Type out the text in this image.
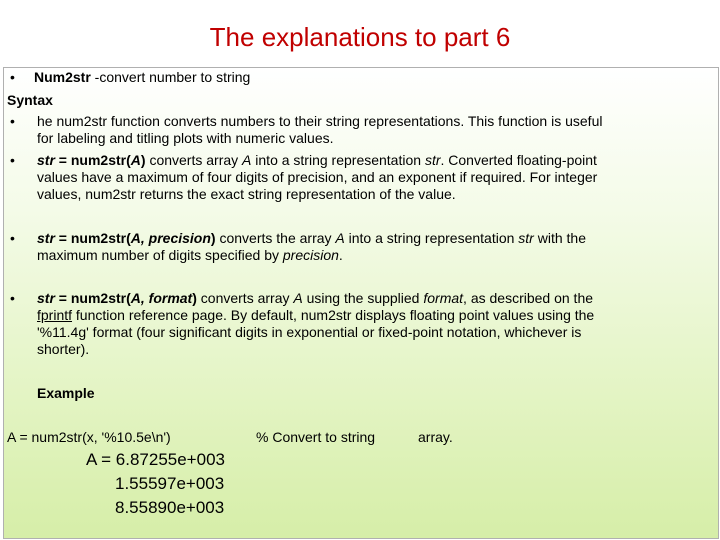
The explanations to part 6
• Num2str -convert number to string
Syntax
• he num2str function converts numbers to their string representations. This function is useful
for labeling and titling plots with numeric values.
• str = num2str(A) converts array A into a string representation str. Converted floating-point
values have a maximum of four digits of precision, and an exponent if required. For integer
values, num2str returns the exact string representation of the value.
• str = num2str(A, precision) converts the array A into a string representation str with the
maximum number of digits specified by precision.
• str = num2str(A, format) converts array A using the supplied format, as described on the
fprintf function reference page. By default, num2str displays floating point values using the
'%11.4g' format (four significant digits in exponential or fixed-point notation, whichever is
shorter).
Example
A = num2str(x, '%10.5e\n')	% Convert to string	array.
A = 6.87255e+003
1.55597e+003
8.55890e+003
